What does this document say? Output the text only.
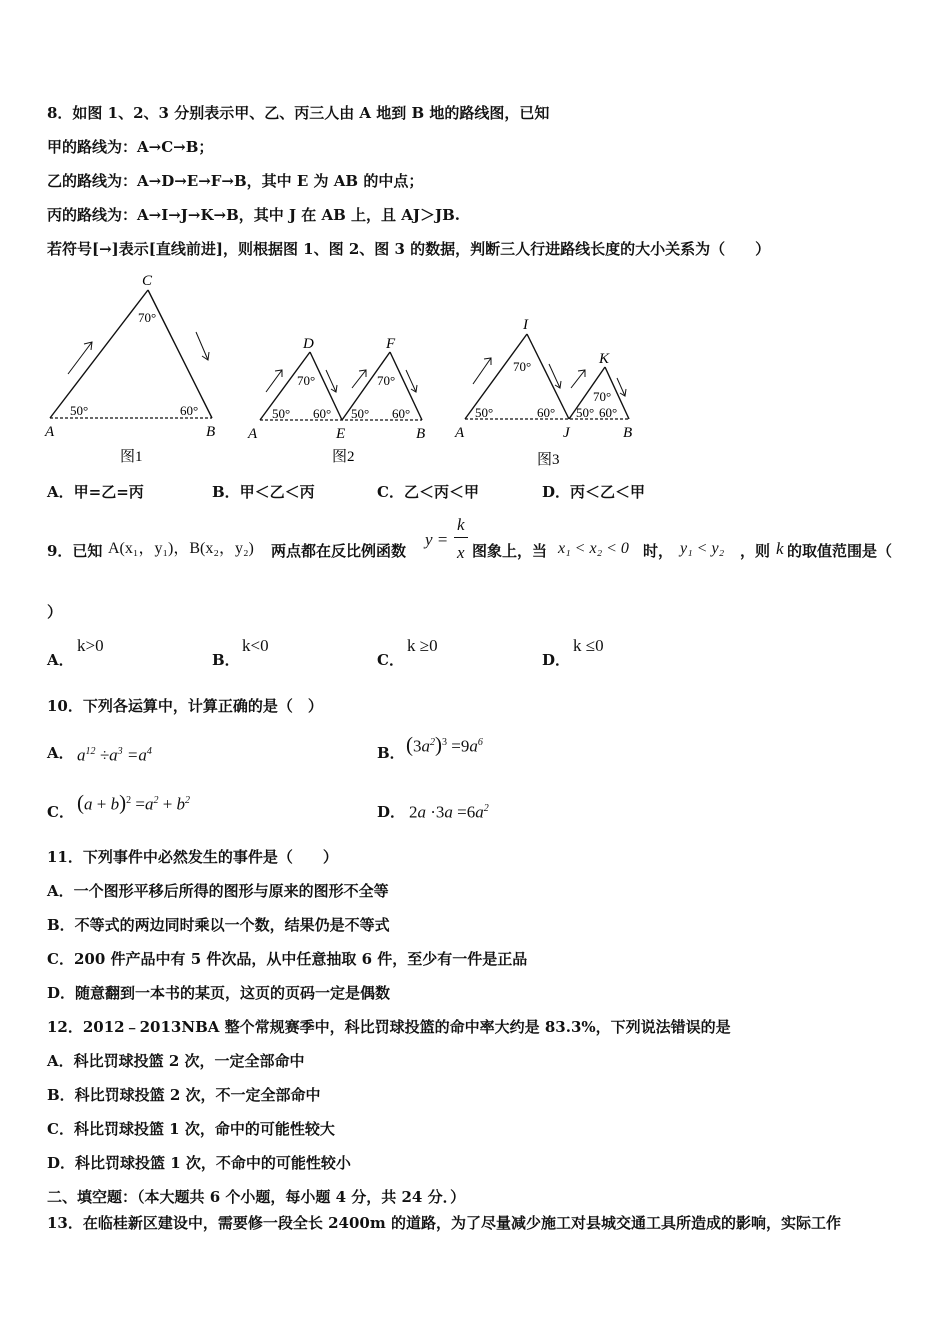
8．如图 1、2、3 分别表示甲、乙、丙三人由 A 地到 B 地的路线图，已知
甲的路线为：A→C→B；
乙的路线为：A→D→E→F→B，其中 E 为 AB 的中点；
丙的路线为：A→I→J→K→B，其中 J 在 AB 上，且 AJ＞JB.
若符号[→]表示[直线前进]，则根据图 1、图 2、图 3 的数据，判断三人行进路线长度的大小关系为（　　）
C
70°
50°	60°
A	B
图1
D	F
70°	70°
50° 60° 50° 60°
A	E	B
图2
I
K
70°
70°
50°	60° 50° 60°
A	J	B
图3
A．甲=乙=丙	B．甲＜乙＜丙	C．乙＜丙＜甲	D．丙＜乙＜甲
9．已知 A(x₁，y₁)，B(x₂，y₂) 两点都在反比例函数
y =
k
x 图象上，当 x₁ < x₂ < 0 时， y₁ < y₂ ，则 k 的取值范围是（
）
A．
k>0
B．
k<0
C．
k ≥0
D．
k ≤0
10．下列各运算中，计算正确的是（　）
A． $a^{12} \div a^3 =a^4$	B． $(3a^2)^3 =9a^6$
C． $(a + b)^2 =a^2 + b^2$
D． $2a \cdot 3a =6a^2$
11．下列事件中必然发生的事件是（　　）
A．一个图形平移后所得的图形与原来的图形不全等
B．不等式的两边同时乘以一个数，结果仍是不等式
C．200 件产品中有 5 件次品，从中任意抽取 6 件，至少有一件是正品
D．随意翻到一本书的某页，这页的页码一定是偶数
12．2012﹣2013NBA 整个常规赛季中，科比罚球投篮的命中率大约是 83.3%，下列说法错误的是
A．科比罚球投篮 2 次，一定全部命中
B．科比罚球投篮 2 次，不一定全部命中
C．科比罚球投篮 1 次，命中的可能性较大
D．科比罚球投篮 1 次，不命中的可能性较小
二、填空题：（本大题共 6 个小题，每小题 4 分，共 24 分．）
13．在临桂新区建设中，需要修一段全长 2400m 的道路，为了尽量减少施工对县城交通工具所造成的影响，实际工作
